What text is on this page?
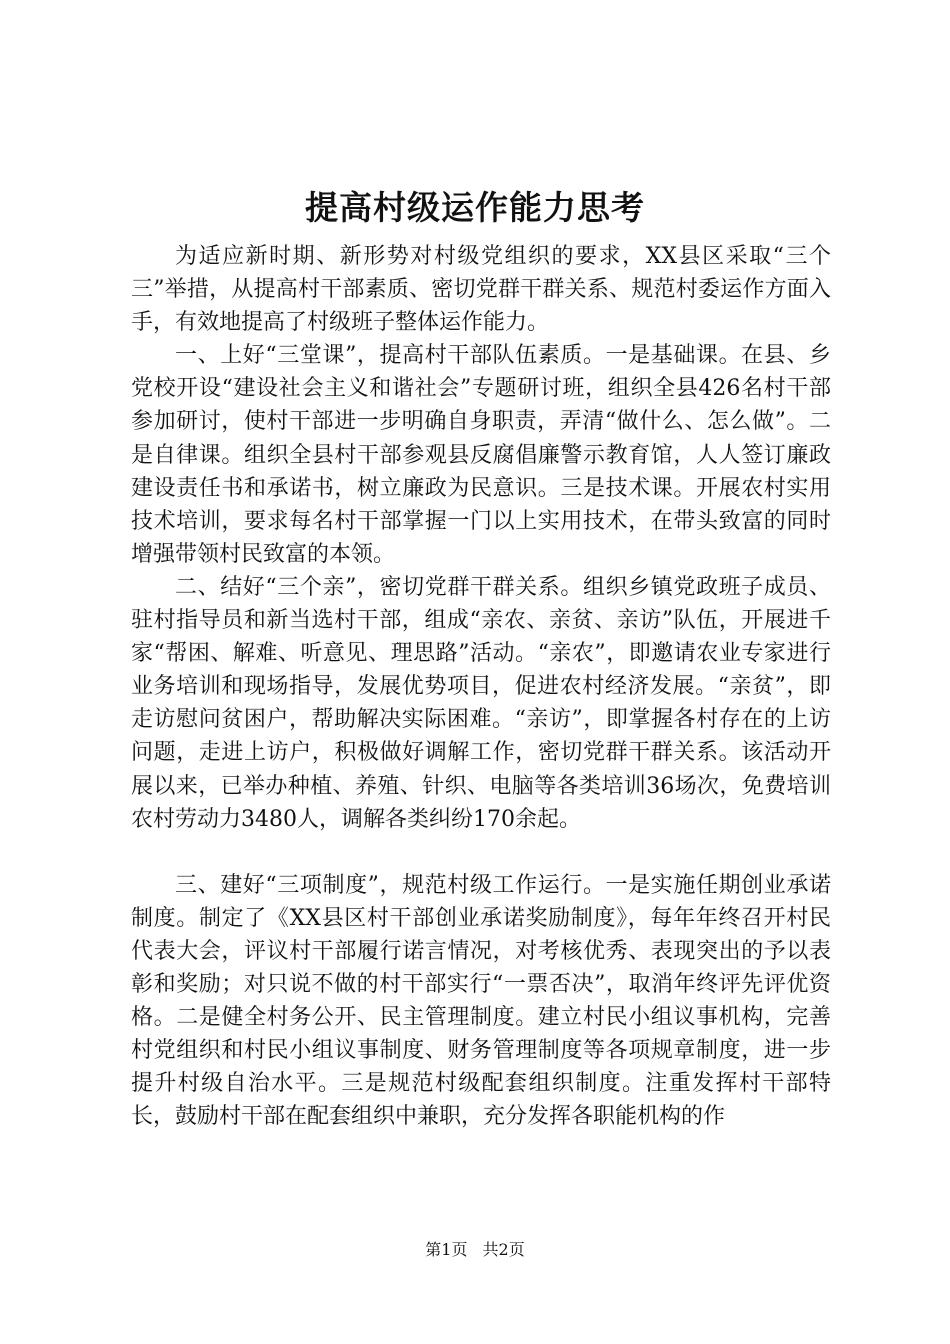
提高村级运作能力思考

为适应新时期、新形势对村级党组织的要求，XX县区采取“三个三”举措，从提高村干部素质、密切党群干群关系、规范村委运作方面入手，有效地提高了村级班子整体运作能力。

一、上好“三堂课”，提高村干部队伍素质。一是基础课。在县、乡党校开设“建设社会主义和谐社会”专题研讨班，组织全县426名村干部参加研讨，使村干部进一步明确自身职责，弄清“做什么、怎么做”。二是自律课。组织全县村干部参观县反腐倡廉警示教育馆，人人签订廉政建设责任书和承诺书，树立廉政为民意识。三是技术课。开展农村实用技术培训，要求每名村干部掌握一门以上实用技术，在带头致富的同时增强带领村民致富的本领。

二、结好“三个亲”，密切党群干群关系。组织乡镇党政班子成员、驻村指导员和新当选村干部，组成“亲农、亲贫、亲访”队伍，开展进千家“帮困、解难、听意见、理思路”活动。“亲农”，即邀请农业专家进行业务培训和现场指导，发展优势项目，促进农村经济发展。“亲贫”，即走访慰问贫困户，帮助解决实际困难。“亲访”，即掌握各村存在的上访问题，走进上访户，积极做好调解工作，密切党群干群关系。该活动开展以来，已举办种植、养殖、针织、电脑等各类培训36场次，免费培训农村劳动力3480人，调解各类纠纷170余起。

三、建好“三项制度”，规范村级工作运行。一是实施任期创业承诺制度。制定了《XX县区村干部创业承诺奖励制度》，每年年终召开村民代表大会，评议村干部履行诺言情况，对考核优秀、表现突出的予以表彰和奖励；对只说不做的村干部实行“一票否决”，取消年终评先评优资格。二是健全村务公开、民主管理制度。建立村民小组议事机构，完善村党组织和村民小组议事制度、财务管理制度等各项规章制度，进一步提升村级自治水平。三是规范村级配套组织制度。注重发挥村干部特长，鼓励村干部在配套组织中兼职，充分发挥各职能机构的作

第1页 共2页
